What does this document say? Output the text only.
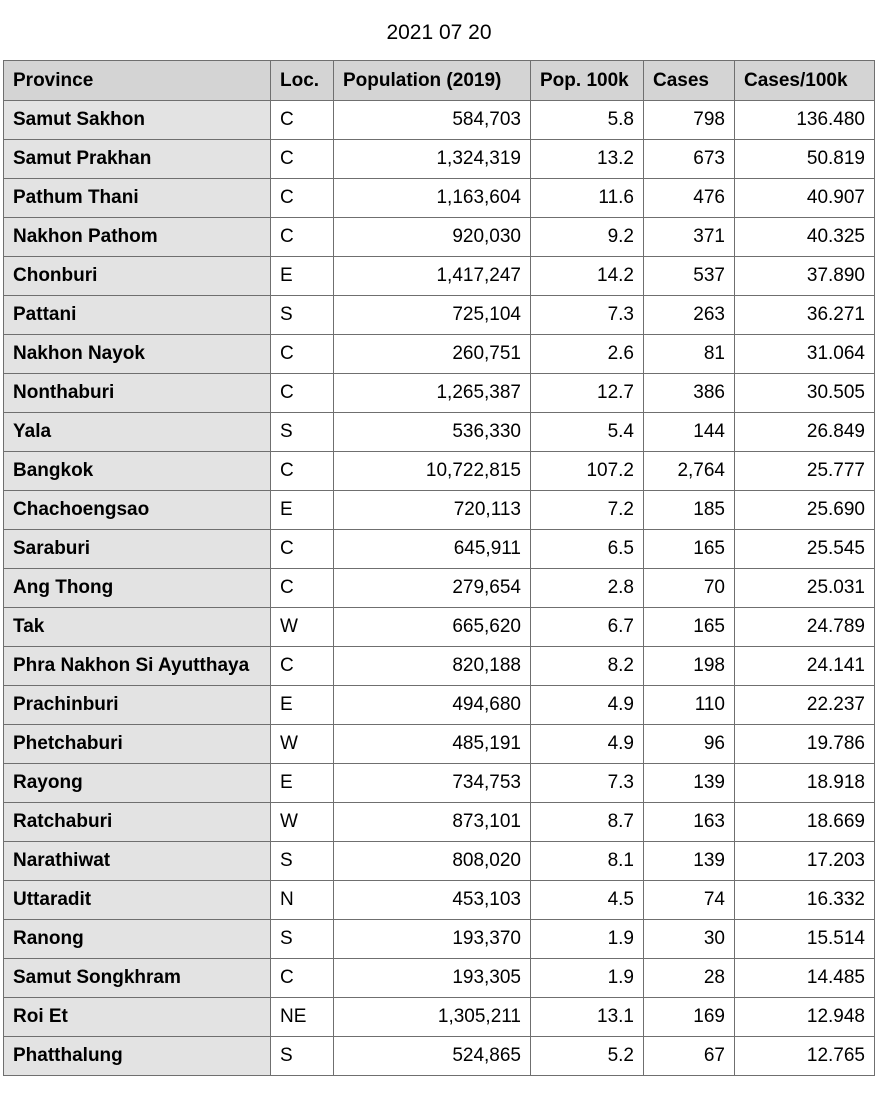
2021 07 20
Province	Loc.	Population (2019)	Pop. 100k	Cases	Cases/100k
Samut Sakhon	C	584,703	5.8	798	136.480
Samut Prakhan	C	1,324,319	13.2	673	50.819
Pathum Thani	C	1,163,604	11.6	476	40.907
Nakhon Pathom	C	920,030	9.2	371	40.325
Chonburi	E	1,417,247	14.2	537	37.890
Pattani	S	725,104	7.3	263	36.271
Nakhon Nayok	C	260,751	2.6	81	31.064
Nonthaburi	C	1,265,387	12.7	386	30.505
Yala	S	536,330	5.4	144	26.849
Bangkok	C	10,722,815	107.2	2,764	25.777
Chachoengsao	E	720,113	7.2	185	25.690
Saraburi	C	645,911	6.5	165	25.545
Ang Thong	C	279,654	2.8	70	25.031
Tak	W	665,620	6.7	165	24.789
Phra Nakhon Si Ayutthaya	C	820,188	8.2	198	24.141
Prachinburi	E	494,680	4.9	110	22.237
Phetchaburi	W	485,191	4.9	96	19.786
Rayong	E	734,753	7.3	139	18.918
Ratchaburi	W	873,101	8.7	163	18.669
Narathiwat	S	808,020	8.1	139	17.203
Uttaradit	N	453,103	4.5	74	16.332
Ranong	S	193,370	1.9	30	15.514
Samut Songkhram	C	193,305	1.9	28	14.485
Roi Et	NE	1,305,211	13.1	169	12.948
Phatthalung	S	524,865	5.2	67	12.765
